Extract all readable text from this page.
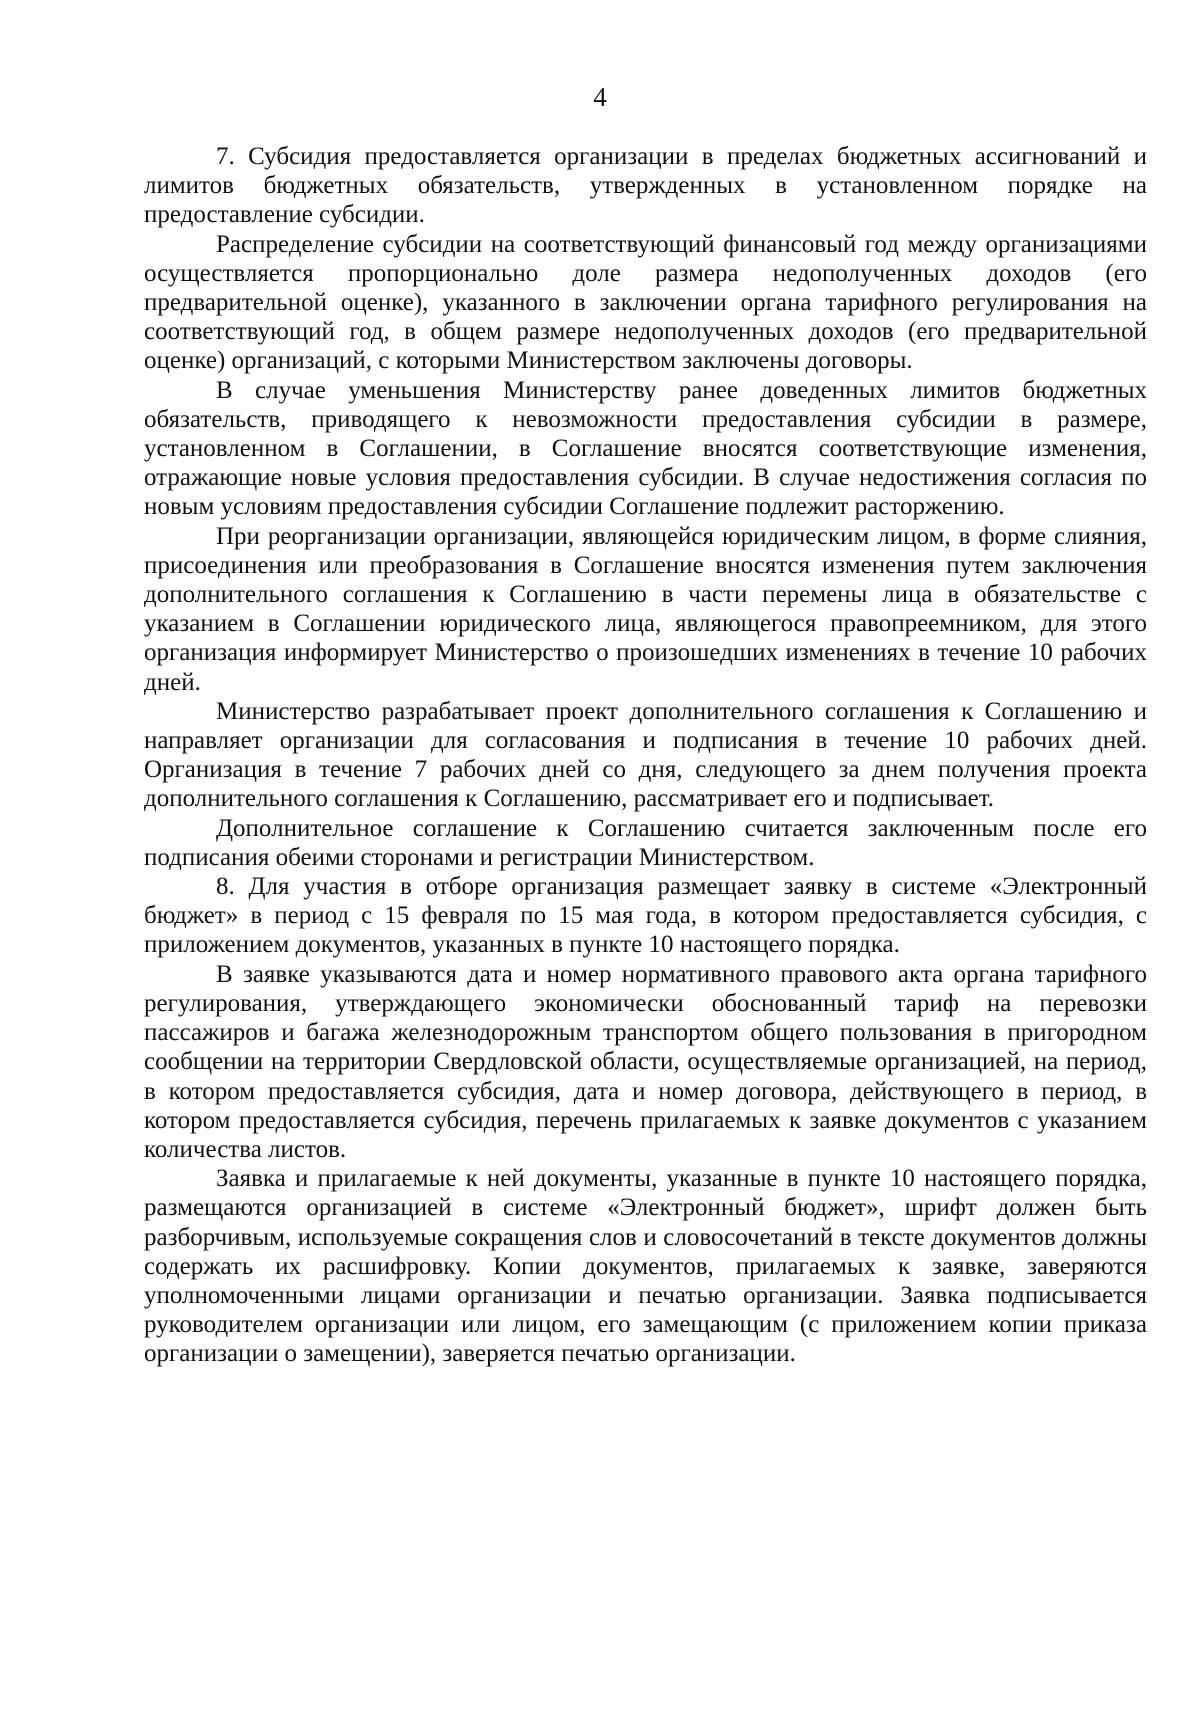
4

7. Субсидия предоставляется организации в пределах бюджетных ассигнований и лимитов бюджетных обязательств, утвержденных в установленном порядке на предоставление субсидии.

Распределение субсидии на соответствующий финансовый год между организациями осуществляется пропорционально доле размера недополученных доходов (его предварительной оценке), указанного в заключении органа тарифного регулирования на соответствующий год, в общем размере недополученных доходов (его предварительной оценке) организаций, с которыми Министерством заключены договоры.

В случае уменьшения Министерству ранее доведенных лимитов бюджетных обязательств, приводящего к невозможности предоставления субсидии в размере, установленном в Соглашении, в Соглашение вносятся соответствующие изменения, отражающие новые условия предоставления субсидии. В случае недостижения согласия по новым условиям предоставления субсидии Соглашение подлежит расторжению.

При реорганизации организации, являющейся юридическим лицом, в форме слияния, присоединения или преобразования в Соглашение вносятся изменения путем заключения дополнительного соглашения к Соглашению в части перемены лица в обязательстве с указанием в Соглашении юридического лица, являющегося правопреемником, для этого организация информирует Министерство о произошедших изменениях в течение 10 рабочих дней.

Министерство разрабатывает проект дополнительного соглашения к Соглашению и направляет организации для согласования и подписания в течение 10 рабочих дней. Организация в течение 7 рабочих дней со дня, следующего за днем получения проекта дополнительного соглашения к Соглашению, рассматривает его и подписывает.

Дополнительное соглашение к Соглашению считается заключенным после его подписания обеими сторонами и регистрации Министерством.

8. Для участия в отборе организация размещает заявку в системе «Электронный бюджет» в период с 15 февраля по 15 мая года, в котором предоставляется субсидия, с приложением документов, указанных в пункте 10 настоящего порядка.

В заявке указываются дата и номер нормативного правового акта органа тарифного регулирования, утверждающего экономически обоснованный тариф на перевозки пассажиров и багажа железнодорожным транспортом общего пользования в пригородном сообщении на территории Свердловской области, осуществляемые организацией, на период, в котором предоставляется субсидия, дата и номер договора, действующего в период, в котором предоставляется субсидия, перечень прилагаемых к заявке документов с указанием количества листов.

Заявка и прилагаемые к ней документы, указанные в пункте 10 настоящего порядка, размещаются организацией в системе «Электронный бюджет», шрифт должен быть разборчивым, используемые сокращения слов и словосочетаний в тексте документов должны содержать их расшифровку. Копии документов, прилагаемых к заявке, заверяются уполномоченными лицами организации и печатью организации. Заявка подписывается руководителем организации или лицом, его замещающим (с приложением копии приказа организации о замещении), заверяется печатью организации.
